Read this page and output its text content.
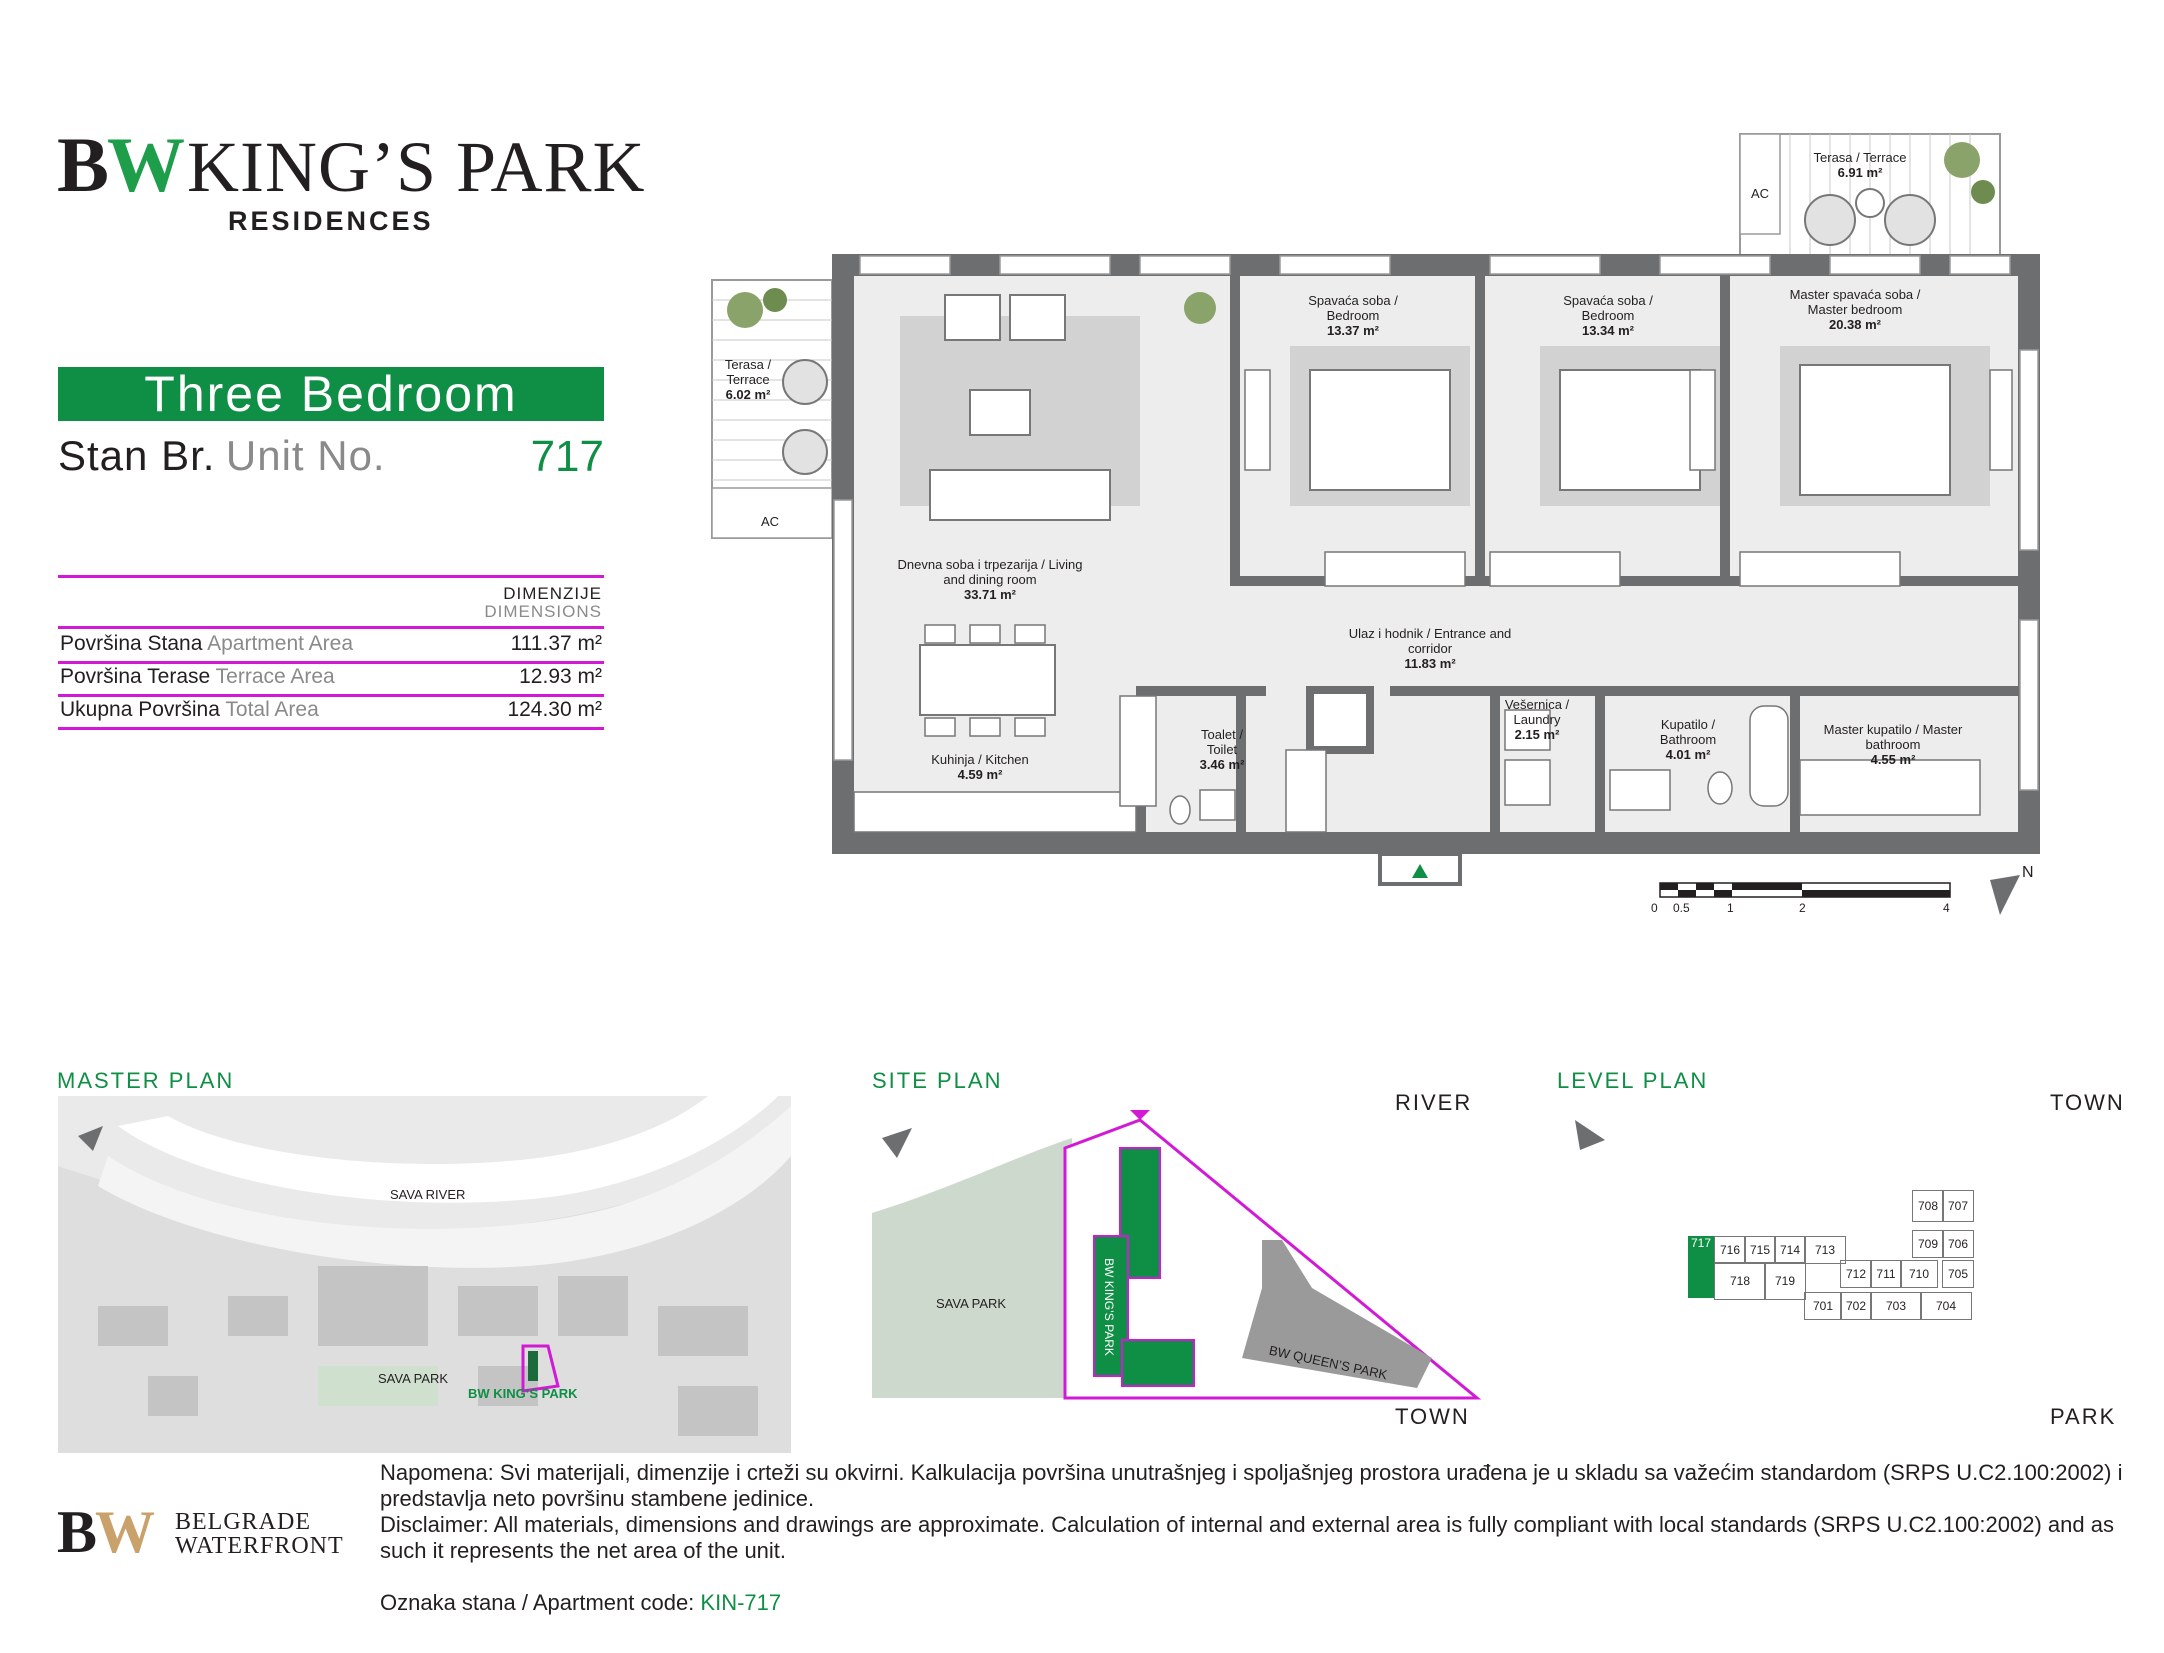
BW KING’S PARK
RESIDENCES
Three Bedroom
Stan Br. Unit No.	717
DIMENZIJE
DIMENSIONS
Površina Stana Apartment Area	111.37 m²
Površina Terase Terrace Area	12.93 m²
Ukupna Površina Total Area	124.30 m²
0 0.5	1	2	4
N
Terasa / Terrace
6.91 m²
AC
Terasa / Terrace
6.02 m²
AC
Spavaća soba / Bedroom
13.37 m²
Spavaća soba / Bedroom
13.34 m²
Master spavaća soba / Master bedroom
20.38 m²
Dnevna soba i trpezarija / Living and dining room
33.71 m²
Ulaz i hodnik / Entrance and corridor
11.83 m²
Kuhinja / Kitchen
4.59 m²
Toalet / Toilet
3.46 m²
Vešernica / Laundry
2.15 m²
Kupatilo / Bathroom
4.01 m²
Master kupatilo / Master bathroom
4.55 m²
MASTER PLAN
SAVA RIVER
SAVA PARK
BW KING’S PARK
SITE PLAN
RIVER
TOWN
SAVA PARK	BW KING’S PARK
BW QUEEN’S PARK
LEVEL PLAN
TOWN
PARK
717 716 715 714	713
718	719	712 711	710
701	702	703	704
705
706
707
708
709
BW BELGRADE
WATERFRONT
Napomena: Svi materijali, dimenzije i crteži su okvirni. Kalkulacija površina unutrašnjeg i spoljašnjeg prostora urađena je u skladu sa važećim standardom (SRPS U.C2.100:2002) i predstavlja neto površinu stambene jedinice.
Disclaimer: All materials, dimensions and drawings are approximate. Calculation of internal and external area is fully compliant with local standards (SRPS U.C2.100:2002) and as such it represents the net area of the unit.
Oznaka stana / Apartment code: KIN-717
